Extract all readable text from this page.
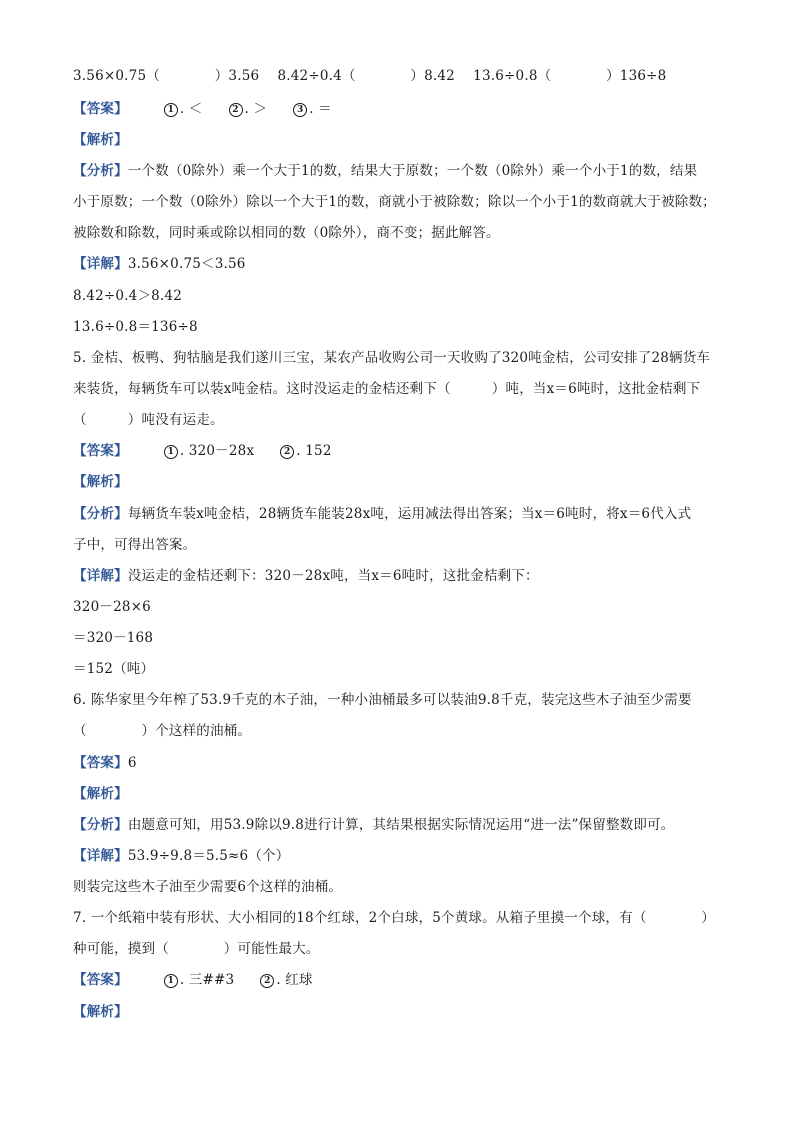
3.56×0.75（　　　　）3.56　 8.42÷0.4（　　　　）8.42　 13.6÷0.8（　　　　）136÷8
【答案】	1 . ＜	2 . ＞	3 . ＝
【解析】
【分析】一个数（0除外）乘一个大于1的数，结果大于原数；一个数（0除外）乘一个小于1的数，结果
小于原数；一个数（0除外）除以一个大于1的数，商就小于被除数；除以一个小于1的数商就大于被除数；
被除数和除数，同时乘或除以相同的数（0除外），商不变；据此解答。
【详解】3.56×0.75＜3.56
8.42÷0.4＞8.42
13.6÷0.8＝136÷8
5. 金桔、板鸭、狗牯脑是我们遂川三宝，某农产品收购公司一天收购了320吨金桔，公司安排了28辆货车
来装货，每辆货车可以装x吨金桔。这时没运走的金桔还剩下（　　　）吨，当x＝6吨时，这批金桔剩下
（　　　）吨没有运走。
【答案】	1 . 320－28x	2 . 152
【解析】
【分析】每辆货车装x吨金桔，28辆货车能装28x吨，运用减法得出答案；当x＝6吨时，将x＝6代入式
子中，可得出答案。
【详解】没运走的金桔还剩下：320－28x吨，当x＝6吨时，这批金桔剩下：
320－28×6
＝320－168
＝152（吨）
6. 陈华家里今年榨了53.9千克的木子油，一种小油桶最多可以装油9.8千克，装完这些木子油至少需要
（　　　　）个这样的油桶。
【答案】6
【解析】
【分析】由题意可知，用53.9除以9.8进行计算，其结果根据实际情况运用“进一法”保留整数即可。
【详解】53.9÷9.8＝5.5≈6（个）
则装完这些木子油至少需要6个这样的油桶。
7. 一个纸箱中装有形状、大小相同的18个红球，2个白球，5个黄球。从箱子里摸一个球，有（　　　　）
种可能，摸到（　　　　）可能性最大。
【答案】	1 . 三##3	2 . 红球
【解析】
